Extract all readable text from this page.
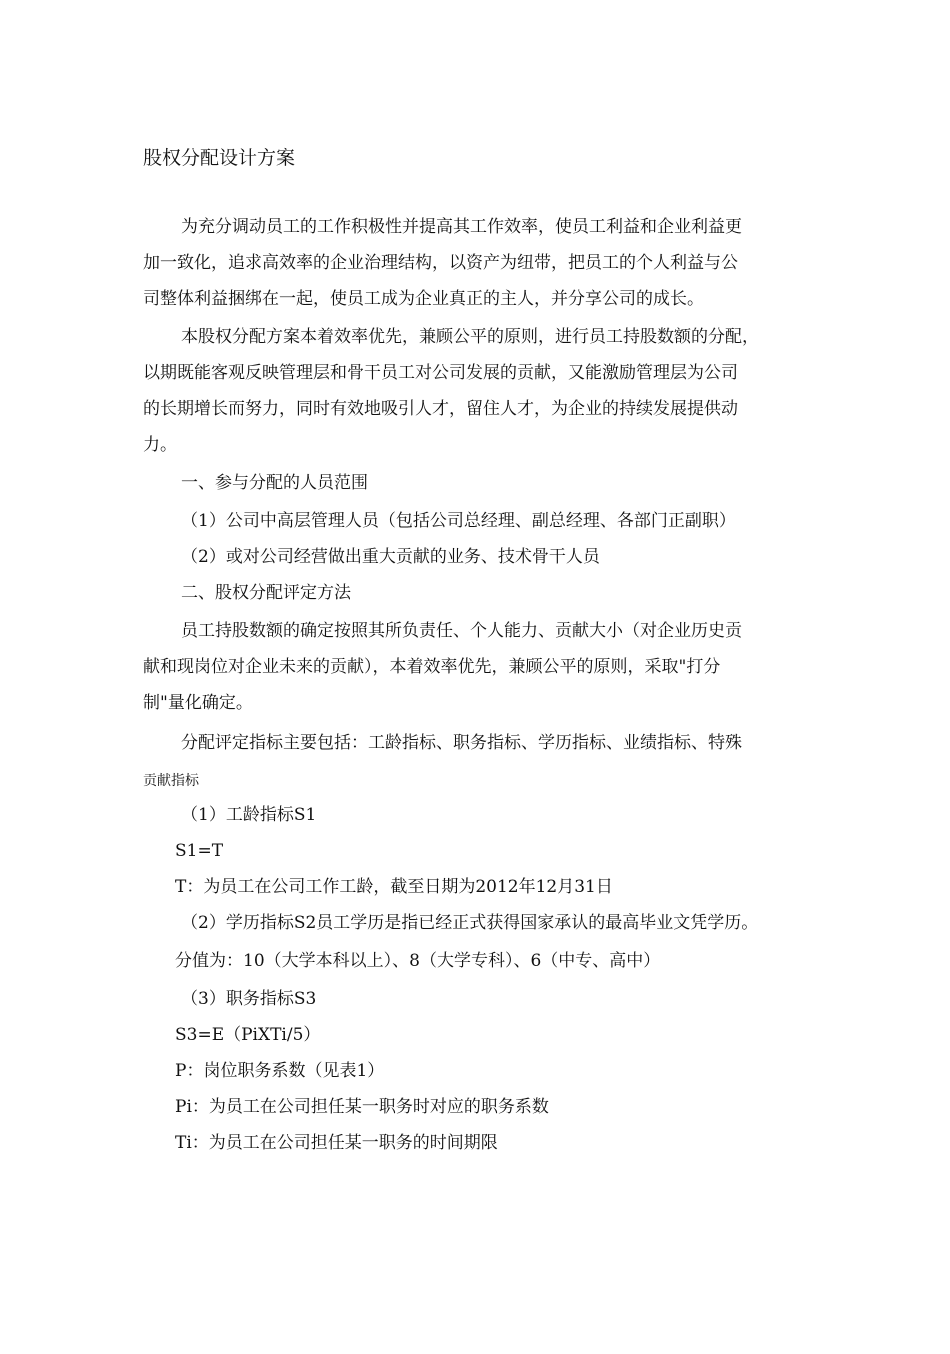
股权分配设计方案
为充分调动员工的工作积极性并提高其工作效率，使员工利益和企业利益更
加一致化，追求高效率的企业治理结构，以资产为纽带，把员工的个人利益与公
司整体利益捆绑在一起，使员工成为企业真正的主人，并分享公司的成长。
本股权分配方案本着效率优先，兼顾公平的原则，进行员工持股数额的分配，
以期既能客观反映管理层和骨干员工对公司发展的贡献，又能激励管理层为公司
的长期增长而努力，同时有效地吸引人才，留住人才，为企业的持续发展提供动
力。
一、参与分配的人员范围
（1）公司中高层管理人员（包括公司总经理、副总经理、各部门正副职）
（2）或对公司经营做出重大贡献的业务、技术骨干人员
二、股权分配评定方法
员工持股数额的确定按照其所负责任、个人能力、贡献大小（对企业历史贡
献和现岗位对企业未来的贡献），本着效率优先，兼顾公平的原则，采取"打分
制"量化确定。
分配评定指标主要包括：工龄指标、职务指标、学历指标、业绩指标、特殊
贡献指标
（1）工龄指标S1
S1=T
T：为员工在公司工作工龄，截至日期为2012年12月31日
（2）学历指标S2员工学历是指已经正式获得国家承认的最高毕业文凭学历。
分值为：10（大学本科以上）、8（大学专科）、6（中专、高中）
（3）职务指标S3
S3=E（PiXTi/5）
P：岗位职务系数（见表1）
Pi：为员工在公司担任某一职务时对应的职务系数
Ti：为员工在公司担任某一职务的时间期限
